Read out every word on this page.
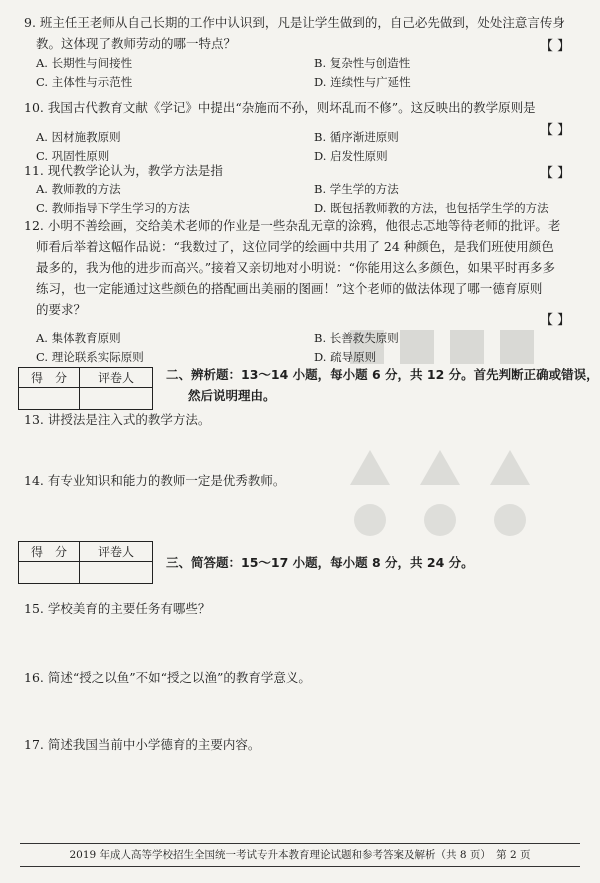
9. 班主任王老师从自己长期的工作中认识到，凡是让学生做到的，自己必先做到，处处注意言传身
教。这体现了教师劳动的哪一特点？	【 】
A. 长期性与间接性	B. 复杂性与创造性
C. 主体性与示范性	D. 连续性与广延性
10. 我国古代教育文献《学记》中提出“杂施而不孙，则坏乱而不修”。这反映出的教学原则是
【 】
A. 因材施教原则	B. 循序渐进原则
C. 巩固性原则	D. 启发性原则
11. 现代教学论认为，教学方法是指	【 】
A. 教师教的方法	B. 学生学的方法
C. 教师指导下学生学习的方法	D. 既包括教师教的方法，也包括学生学的方法
12. 小明不善绘画，交给美术老师的作业是一些杂乱无章的涂鸦，他很忐忑地等待老师的批评。老
师看后举着这幅作品说：“我数过了，这位同学的绘画中共用了 24 种颜色，是我们班使用颜色
最多的，我为他的进步而高兴。”接着又亲切地对小明说：“你能用这么多颜色，如果平时再多多
练习，也一定能通过这些颜色的搭配画出美丽的图画！”这个老师的做法体现了哪一德育原则
的要求？
【 】
A. 集体教育原则	B. 长善救失原则
C. 理论联系实际原则	D. 疏导原则
得　分	评卷人
		二、辨析题：13～14 小题，每小题 6 分，共 12 分。首先判断正确或错误，
然后说明理由。
13. 讲授法是注入式的教学方法。
14. 有专业知识和能力的教师一定是优秀教师。
得　分	评卷人

三、简答题：15～17 小题，每小题 8 分，共 24 分。
15. 学校美育的主要任务有哪些？
16. 简述“授之以鱼”不如“授之以渔”的教育学意义。
17. 简述我国当前中小学德育的主要内容。
2019 年成人高等学校招生全国统一考试专升本教育理论试题和参考答案及解析（共 8 页）　第 2 页
